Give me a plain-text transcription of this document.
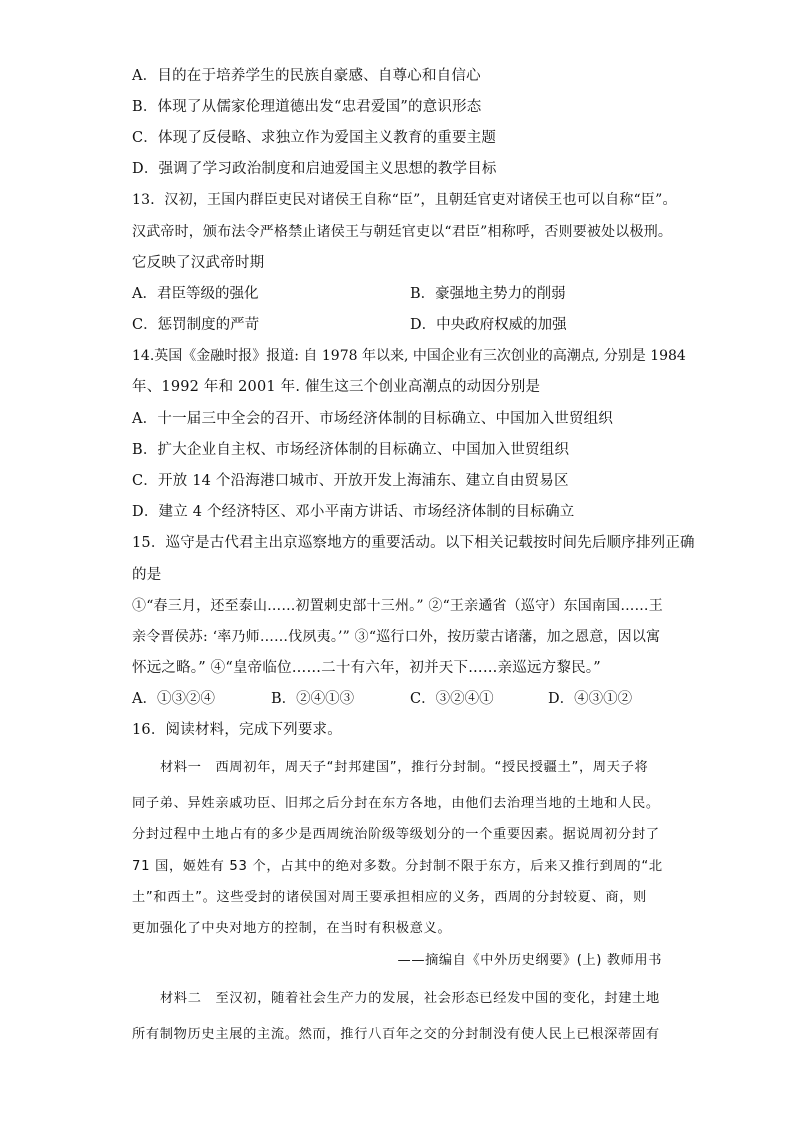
A．目的在于培养学生的民族自豪感、自尊心和自信心
B．体现了从儒家伦理道德出发“忠君爱国”的意识形态
C．体现了反侵略、求独立作为爱国主义教育的重要主题
D．强调了学习政治制度和启迪爱国主义思想的教学目标
13．汉初，王国内群臣吏民对诸侯王自称“臣”，且朝廷官吏对诸侯王也可以自称“臣”。
汉武帝时，颁布法令严格禁止诸侯王与朝廷官吏以“君臣”相称呼，否则要被处以极刑。
它反映了汉武帝时期
A．君臣等级的强化	B．豪强地主势力的削弱
C．惩罚制度的严苛	D．中央政府权威的加强
14.英国《金融时报》报道: 自 1978 年以来, 中国企业有三次创业的高潮点, 分别是 1984
年、1992 年和 2001 年. 催生这三个创业高潮点的动因分别是
A．十一届三中全会的召开、市场经济体制的目标确立、中国加入世贸组织
B．扩大企业自主权、市场经济体制的目标确立、中国加入世贸组织
C．开放 14 个沿海港口城市、开放开发上海浦东、建立自由贸易区
D．建立 4 个经济特区、邓小平南方讲话、市场经济体制的目标确立
15．巡守是古代君主出京巡察地方的重要活动。以下相关记载按时间先后顺序排列正确
的是
①“春三月，还至泰山……初置刺史部十三州。” ②“王亲遹省（巡守）东国南国……王
亲令晋侯苏: ‘率乃师……伐夙夷。’” ③“巡行口外，按历蒙古诸藩，加之恩意，因以寓
怀远之略。” ④“皇帝临位……二十有六年，初并天下……亲巡远方黎民。”
A．①③②④	B．②④①③	C．③②④①	D．④③①②
16．阅读材料，完成下列要求。
材料一　西周初年，周天子“封邦建国”，推行分封制。“授民授疆土”，周天子将
同子弟、异姓亲戚功臣、旧邦之后分封在东方各地，由他们去治理当地的土地和人民。
分封过程中土地占有的多少是西周统治阶级等级划分的一个重要因素。据说周初分封了
71 国，姬姓有 53 个，占其中的绝对多数。分封制不限于东方，后来又推行到周的“北
土”和西土”。这些受封的诸侯国对周王要承担相应的义务，西周的分封较夏、商，则
更加强化了中央对地方的控制，在当时有积极意义。
——摘编自《中外历史纲要》(上) 教师用书
材料二　至汉初，随着社会生产力的发展，社会形态已经发中国的变化，封建土地
所有制物历史主展的主流。然而，推行八百年之交的分封制没有使人民上已根深蒂固有
